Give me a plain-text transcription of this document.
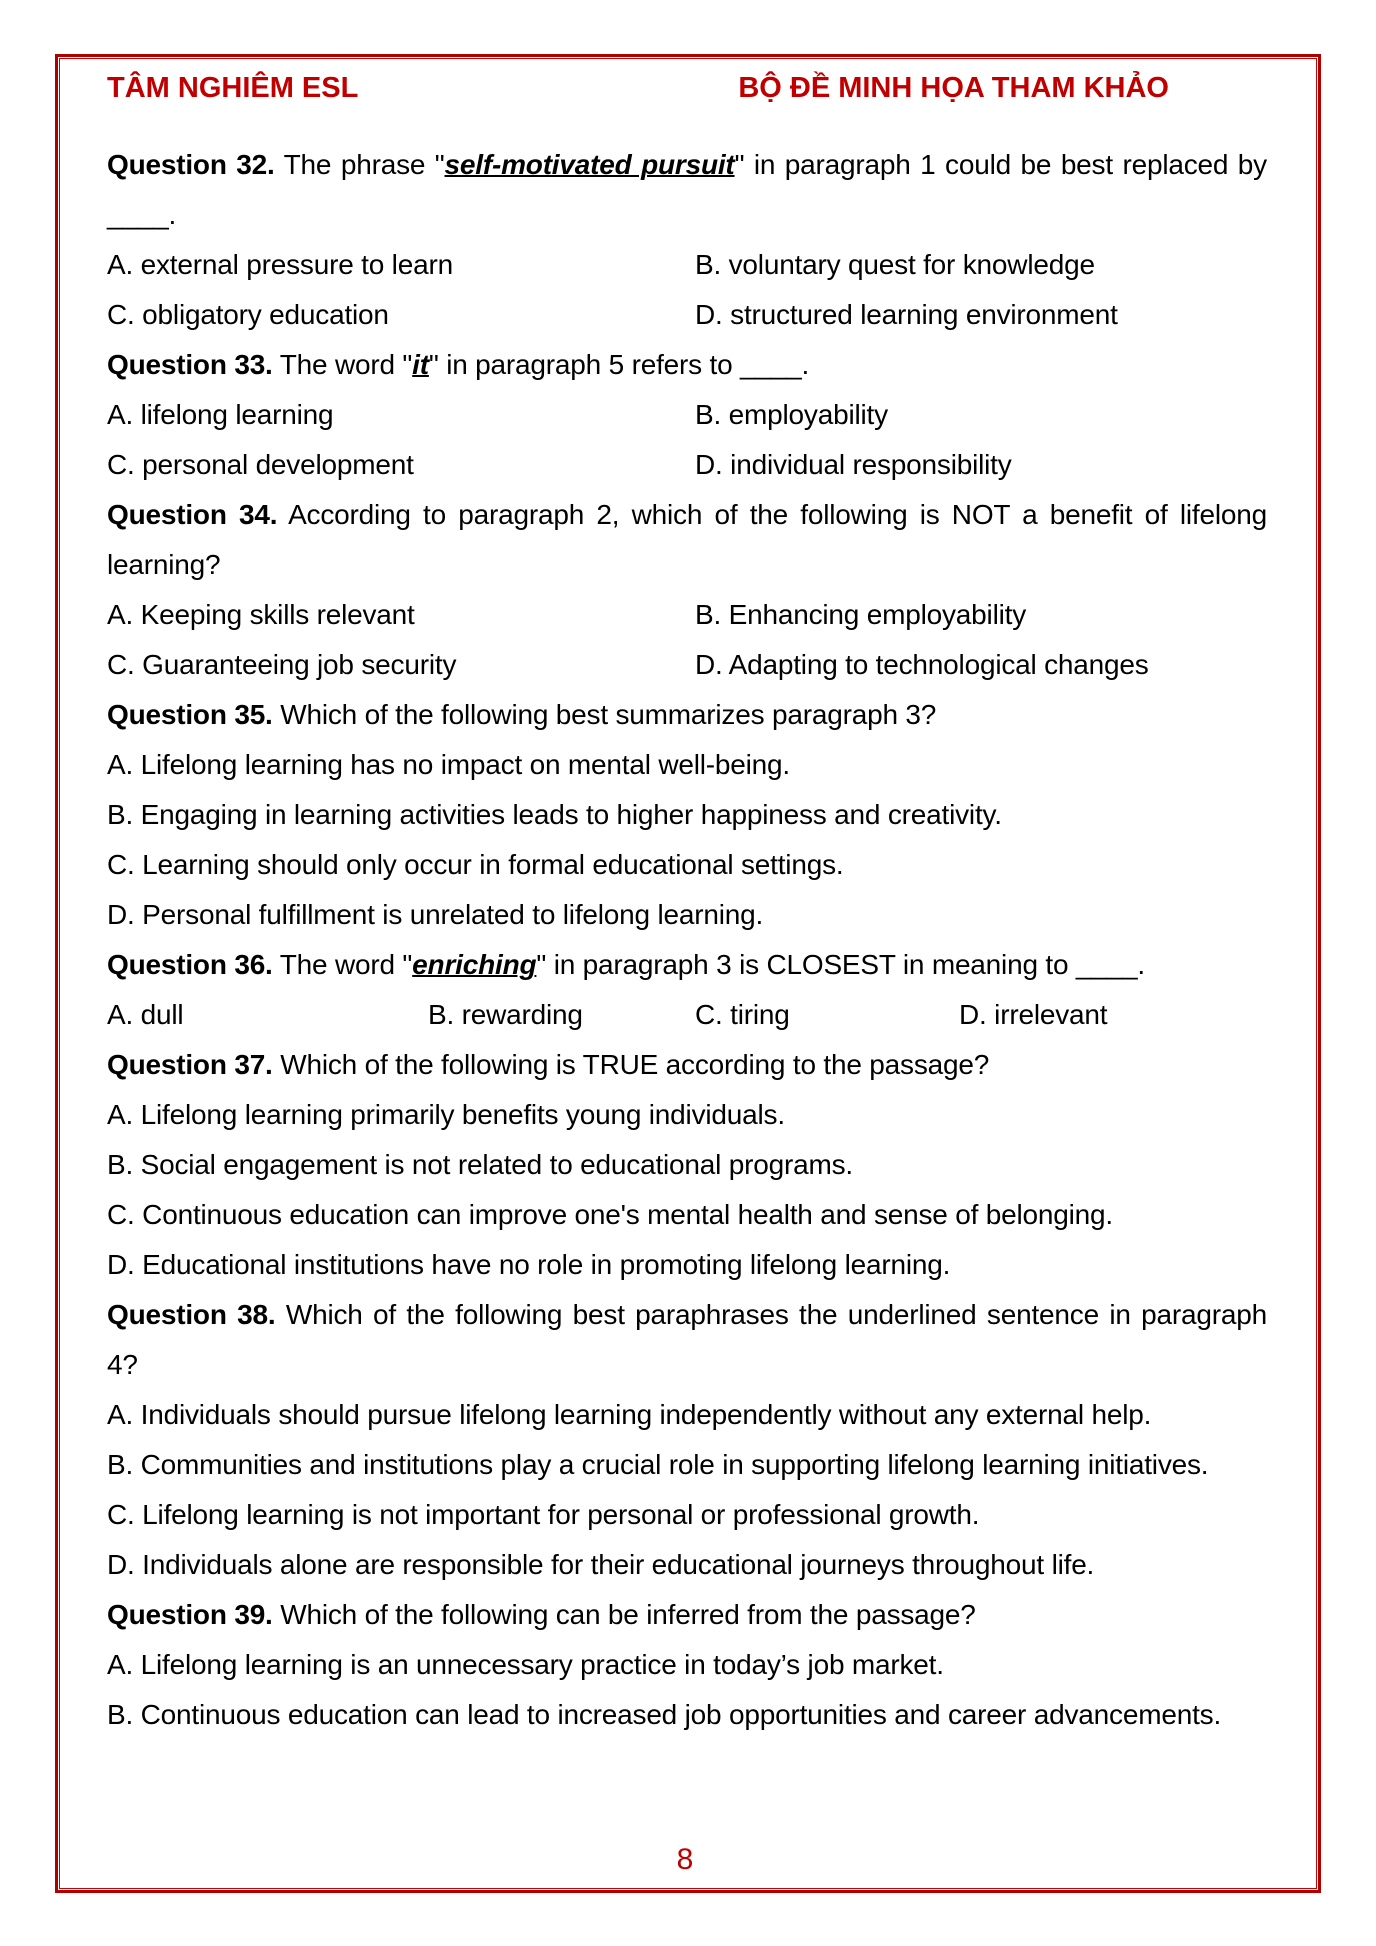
TÂM NGHIÊM ESL	BỘ ĐỀ MINH HỌA THAM KHẢO

Question 32. The phrase "self-motivated pursuit" in paragraph 1 could be best replaced by ____.

A. external pressure to learn	B. voluntary quest for knowledge
C. obligatory education	D. structured learning environment

Question 33. The word "it" in paragraph 5 refers to ____.

A. lifelong learning	B. employability
C. personal development	D. individual responsibility

Question 34. According to paragraph 2, which of the following is NOT a benefit of lifelong learning?

A. Keeping skills relevant	B. Enhancing employability
C. Guaranteeing job security	D. Adapting to technological changes

Question 35. Which of the following best summarizes paragraph 3?

A. Lifelong learning has no impact on mental well-being.
B. Engaging in learning activities leads to higher happiness and creativity.
C. Learning should only occur in formal educational settings.
D. Personal fulfillment is unrelated to lifelong learning.

Question 36. The word "enriching" in paragraph 3 is CLOSEST in meaning to ____.

A. dull	B. rewarding	C. tiring	D. irrelevant

Question 37. Which of the following is TRUE according to the passage?

A. Lifelong learning primarily benefits young individuals.
B. Social engagement is not related to educational programs.
C. Continuous education can improve one's mental health and sense of belonging.
D. Educational institutions have no role in promoting lifelong learning.

Question 38. Which of the following best paraphrases the underlined sentence in paragraph 4?

A. Individuals should pursue lifelong learning independently without any external help.
B. Communities and institutions play a crucial role in supporting lifelong learning initiatives.
C. Lifelong learning is not important for personal or professional growth.
D. Individuals alone are responsible for their educational journeys throughout life.

Question 39. Which of the following can be inferred from the passage?

A. Lifelong learning is an unnecessary practice in today’s job market.
B. Continuous education can lead to increased job opportunities and career advancements.
8
